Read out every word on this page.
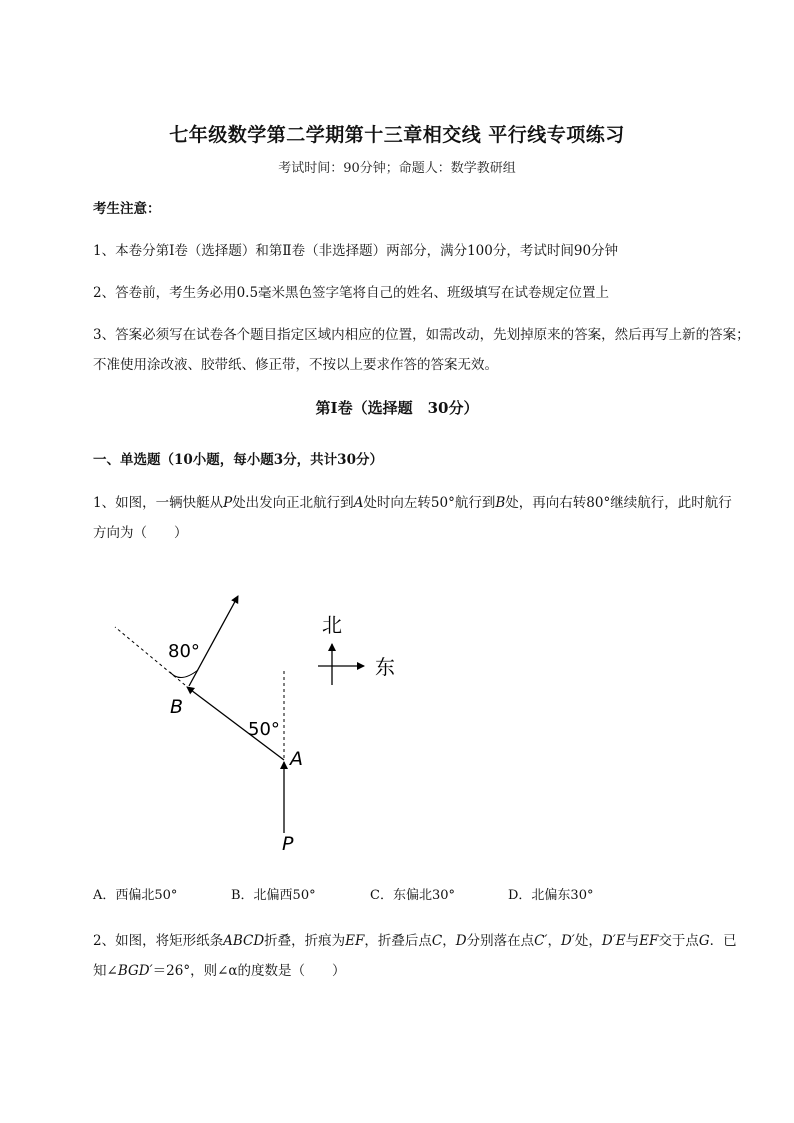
七年级数学第二学期第十三章相交线 平行线专项练习
考试时间：90分钟；命题人：数学教研组
考生注意：
1、本卷分第I卷（选择题）和第Ⅱ卷（非选择题）两部分，满分100分，考试时间90分钟
2、答卷前，考生务必用0.5毫米黑色签字笔将自己的姓名、班级填写在试卷规定位置上
3、答案必须写在试卷各个题目指定区域内相应的位置，如需改动，先划掉原来的答案，然后再写上新的答案；不准使用涂改液、胶带纸、修正带，不按以上要求作答的答案无效。
第I卷（选择题　30分）
一、单选题（10小题，每小题3分，共计30分）
1、如图，一辆快艇从P处出发向正北航行到A处时向左转50°航行到B处，再向右转80°继续航行，此时航行方向为（　　）
80°
50°
B
A
P
北
东
A．西偏北50°	B．北偏西50°	C．东偏北30°	D．北偏东30°
2、如图，将矩形纸条ABCD折叠，折痕为EF，折叠后点C，D分别落在点C′，D′处，D′E与EF交于点G．已知∠BGD′＝26°，则∠α的度数是（　　）
